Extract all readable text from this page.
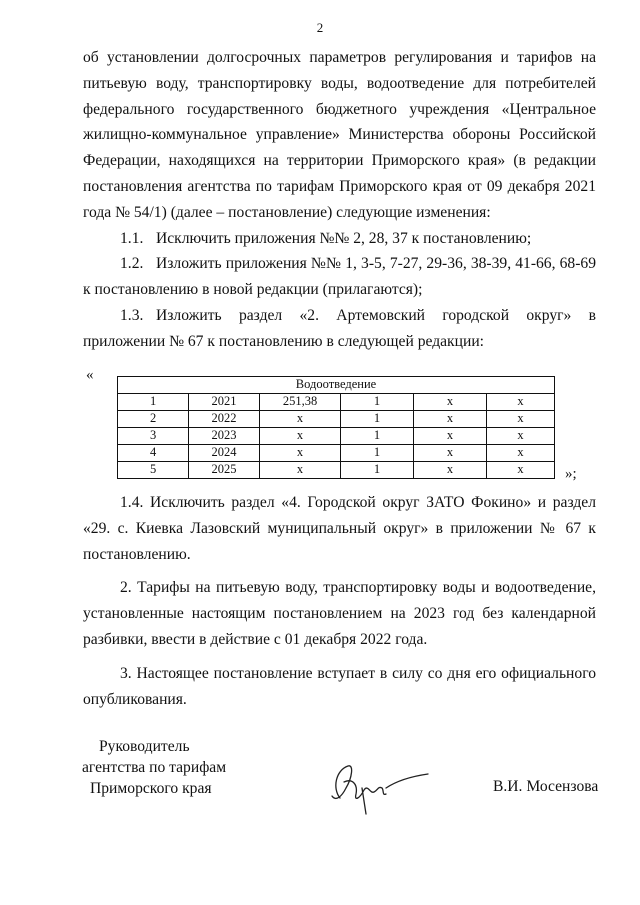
2

об установлении долгосрочных параметров регулирования и тарифов на питьевую воду, транспортировку воды, водоотведение для потребителей федерального государственного бюджетного учреждения «Центральное жилищно-коммунальное управление» Министерства обороны Российской Федерации, находящихся на территории Приморского края» (в редакции постановления агентства по тарифам Приморского края от 09 декабря 2021 года № 54/1) (далее – постановление) следующие изменения:

1.1. Исключить приложения №№ 2, 28, 37 к постановлению;

1.2. Изложить приложения №№ 1, 3-5, 7-27, 29-36, 38-39, 41-66, 68-69 к постановлению в новой редакции (прилагаются);

1.3. Изложить раздел «2. Артемовский городской округ» в приложении № 67 к постановлению в следующей редакции:

«
Водоотведение					
1	2021	251,38	1	х	х
2	2022	х	1	х	х
3	2023	х	1	х	х
4	2024	х	1	х	х
5	2025	х	1	х	х	»;

1.4. Исключить раздел «4. Городской округ ЗАТО Фокино» и раздел «29. с. Киевка Лазовский муниципальный округ» в приложении № 67 к постановлению.

2. Тарифы на питьевую воду, транспортировку воды и водоотведение, установленные настоящим постановлением на 2023 год без календарной разбивки, ввести в действие с 01 декабря 2022 года.

3. Настоящее постановление вступает в силу со дня его официального опубликования.

Руководитель
агентства по тарифам
Приморского края	В.И. Мосензова
